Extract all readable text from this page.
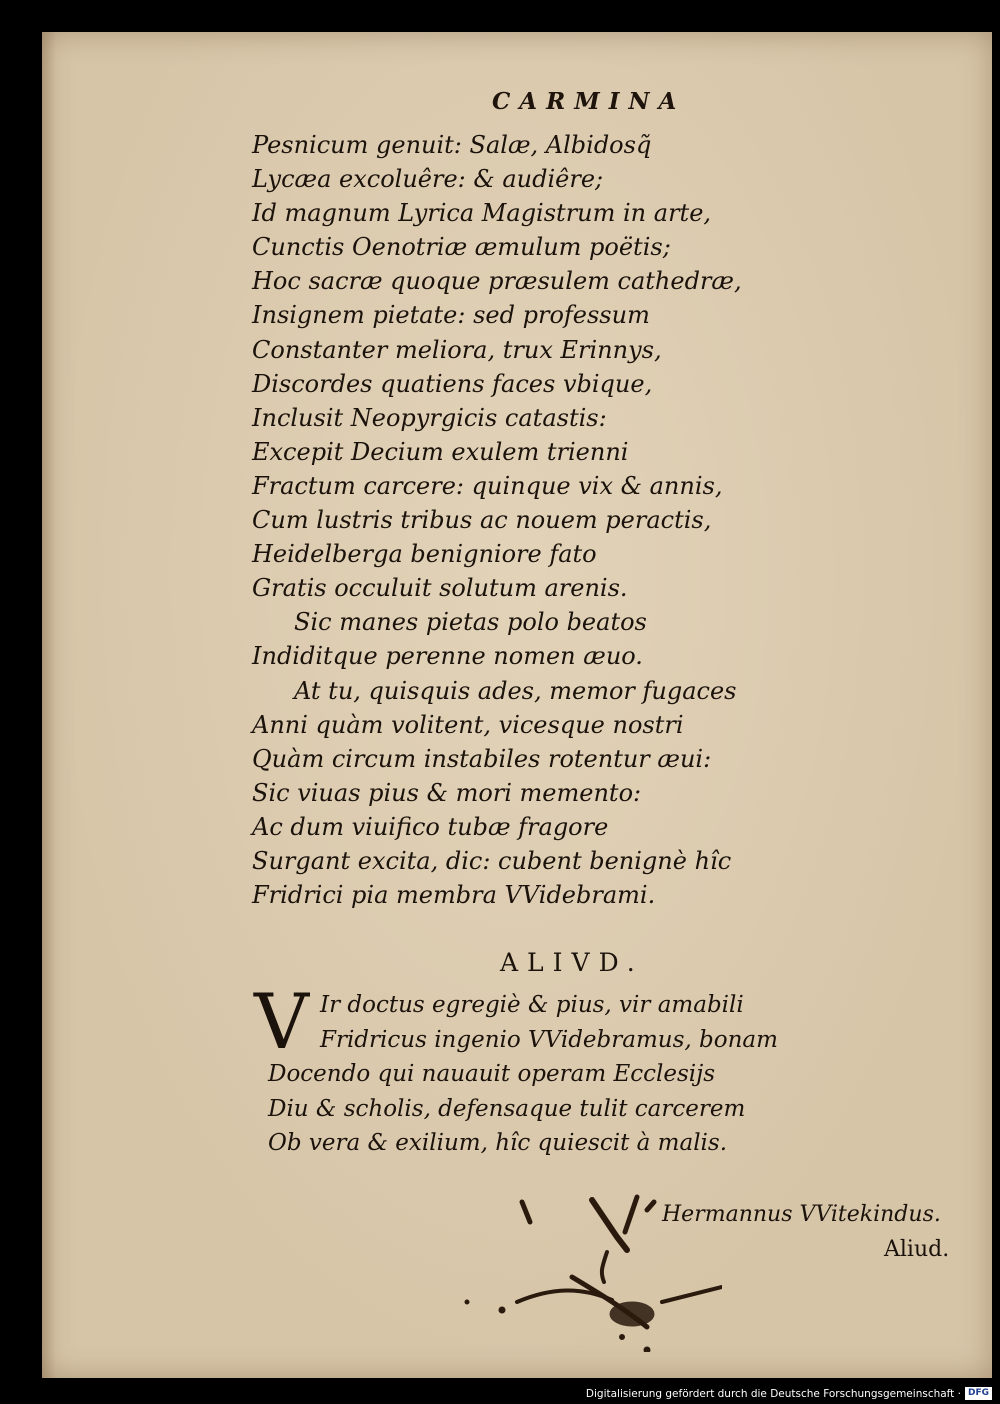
CARMINA
Pesnicum genuit: Salæ, Albidosq̃
Lycæa excoluêre: & audiêre;
Id magnum Lyrica Magistrum in arte,
Cunctis Oenotriæ æmulum poëtis;
Hoc sacræ quoque præsulem cathedræ,
Insignem pietate: sed professum
Constanter meliora, trux Erinnys,
Discordes quatiens faces vbique,
Inclusit Neopyrgicis catastis:
Excepit Decium exulem trienni
Fractum carcere: quinque vix & annis,
Cum lustris tribus ac nouem peractis,
Heidelberga benigniore fato
Gratis occuluit solutum arenis.
Sic manes pietas polo beatos
Indiditque perenne nomen æuo.
At tu, quisquis ades, memor fugaces
Anni quàm volitent, vicesque nostri
Quàm circum instabiles rotentur æui:
Sic viuas pius & mori memento:
Ac dum viuifico tubæ fragore
Surgant excita, dic: cubent benignè hîc
Fridrici pia membra VVidebrami.
ALIVD.
V Ir doctus egregiè & pius, vir amabili
Fridricus ingenio VVidebramus, bonam
Docendo qui nauauit operam Ecclesijs
Diu & scholis, defensaque tulit carcerem
Ob vera & exilium, hîc quiescit à malis.
Hermannus VVitekindus.
Aliud.
Digitalisierung gefördert durch die Deutsche Forschungsgemeinschaft · DFG
